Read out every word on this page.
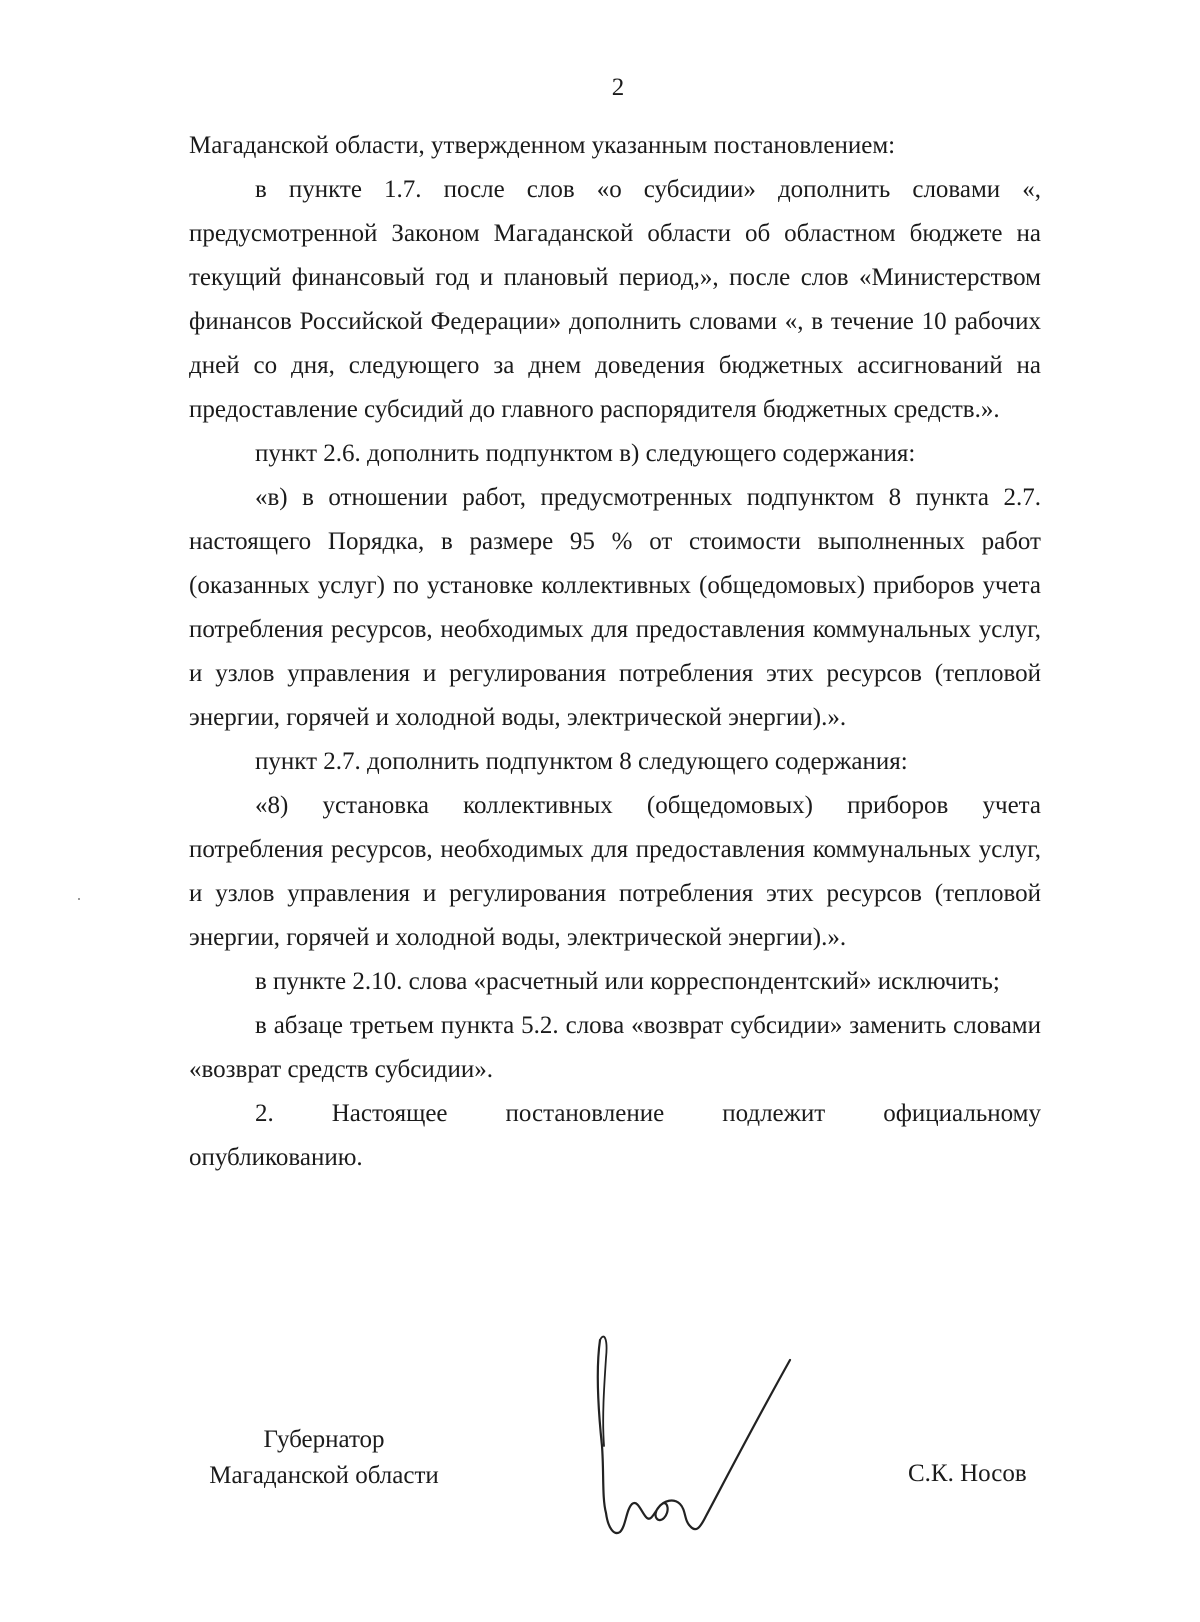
2

Магаданской области, утвержденном указанным постановлением:

в пункте 1.7. после слов «о субсидии» дополнить словами «, предусмотренной Законом Магаданской области об областном бюджете на текущий финансовый год и плановый период,», после слов «Министерством финансов Российской Федерации» дополнить словами «, в течение 10 рабочих дней со дня, следующего за днем доведения бюджетных ассигнований на предоставление субсидий до главного распорядителя бюджетных средств.».

пункт 2.6. дополнить подпунктом в) следующего содержания:

«в) в отношении работ, предусмотренных подпунктом 8 пункта 2.7. настоящего Порядка, в размере 95 % от стоимости выполненных работ (оказанных услуг) по установке коллективных (общедомовых) приборов учета потребления ресурсов, необходимых для предоставления коммунальных услуг, и узлов управления и регулирования потребления этих ресурсов (тепловой энергии, горячей и холодной воды, электрической энергии).».

пункт 2.7. дополнить подпунктом 8 следующего содержания:

«8) установка коллективных (общедомовых) приборов учета потребления ресурсов, необходимых для предоставления коммунальных услуг, и узлов управления и регулирования потребления этих ресурсов (тепловой энергии, горячей и холодной воды, электрической энергии).».

в пункте 2.10. слова «расчетный или корреспондентский» исключить;

в абзаце третьем пункта 5.2. слова «возврат субсидии» заменить словами «возврат средств субсидии».

2. Настоящее постановление подлежит официальному

опубликованию.

Губернатор
Магаданской области	С.К. Носов
